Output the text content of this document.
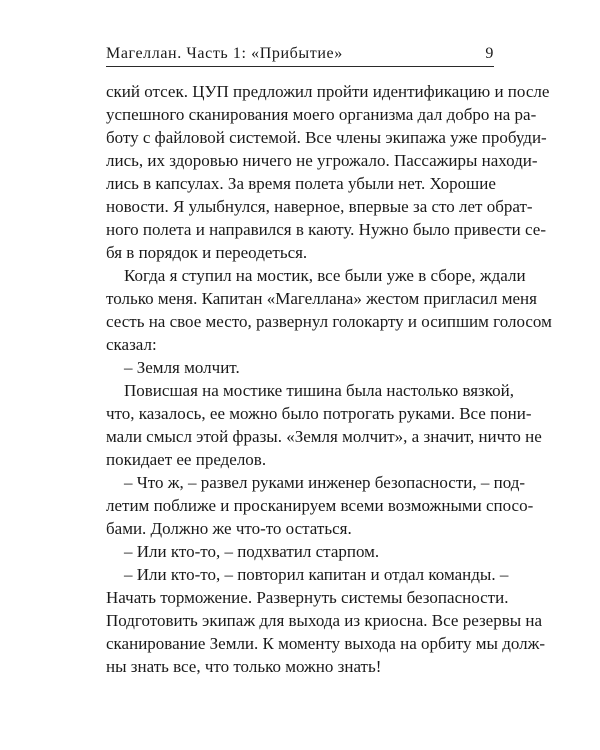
Магеллан. Часть 1: «Прибытие»	9
ский отсек. ЦУП предложил пройти идентификацию и после
успешного сканирования моего организма дал добро на ра-
боту с файловой системой. Все члены экипажа уже пробуди-
лись, их здоровью ничего не угрожало. Пассажиры находи-
лись в капсулах. За время полета убыли нет. Хорошие
новости. Я улыбнулся, наверное, впервые за сто лет обрат-
ного полета и направился в каюту. Нужно было привести се-
бя в порядок и переодеться.
Когда я ступил на мостик, все были уже в сборе, ждали
только меня. Капитан «Магеллана» жестом пригласил меня
сесть на свое место, развернул голокарту и осипшим голосом
сказал:
– Земля молчит.
Повисшая на мостике тишина была настолько вязкой,
что, казалось, ее можно было потрогать руками. Все пони-
мали смысл этой фразы. «Земля молчит», а значит, ничто не
покидает ее пределов.
– Что ж, – развел руками инженер безопасности, – под-
летим поближе и просканируем всеми возможными спосо-
бами. Должно же что-то остаться.
– Или кто-то, – подхватил старпом.
– Или кто-то, – повторил капитан и отдал команды. –
Начать торможение. Развернуть системы безопасности.
Подготовить экипаж для выхода из криосна. Все резервы на
сканирование Земли. К моменту выхода на орбиту мы долж-
ны знать все, что только можно знать!
